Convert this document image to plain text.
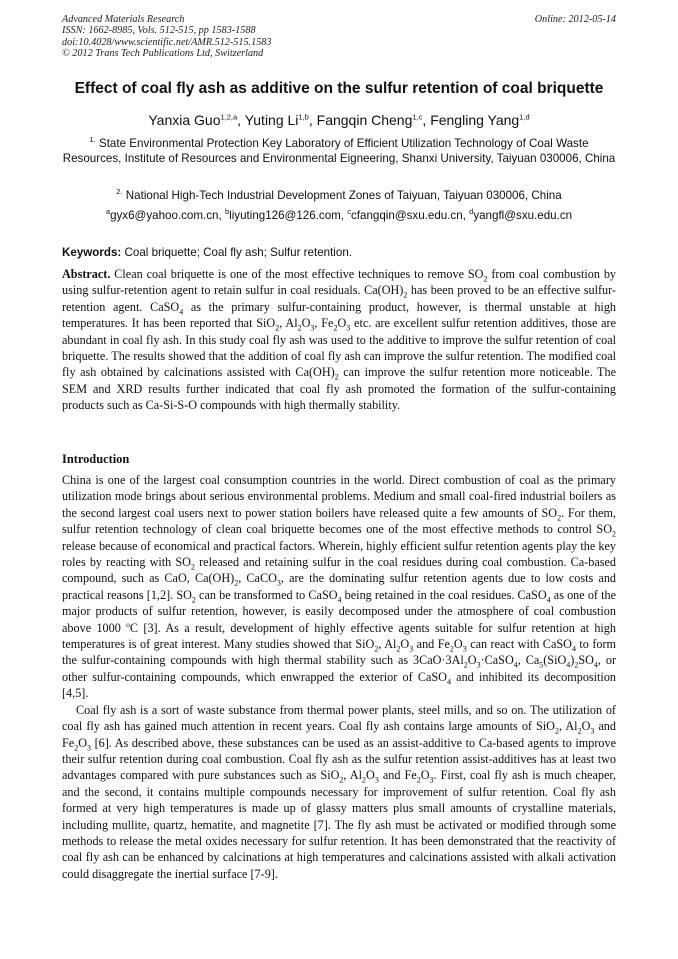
Advanced Materials Research
ISSN: 1662-8985, Vols. 512-515, pp 1583-1588
doi:10.4028/www.scientific.net/AMR.512-515.1583
© 2012 Trans Tech Publications Ltd, Switzerland
Online: 2012-05-14
Effect of coal fly ash as additive on the sulfur retention of coal briquette
Yanxia Guo$^{1,2,a}$, Yuting Li$^{1,b}$, Fangqin Cheng$^{1,c}$, Fengling Yang$^{1,d}$
$^{1.}$ State Environmental Protection Key Laboratory of Efficient Utilization Technology of Coal Waste Resources, Institute of Resources and Environmental Eigneering, Shanxi University, Taiyuan 030006, China
$^{2.}$ National High-Tech Industrial Development Zones of Taiyuan, Taiyuan 030006, China
$^a$gyx6@yahoo.com.cn, $^b$liyuting126@126.com, $^c$cfangqin@sxu.edu.cn, $^d$yangfl@sxu.edu.cn
Keywords: Coal briquette; Coal fly ash; Sulfur retention.
Abstract. Clean coal briquette is one of the most effective techniques to remove $SO_2$ from coal combustion by using sulfur-retention agent to retain sulfur in coal residuals. $Ca(OH)_2$ has been proved to be an effective sulfur-retention agent. CaSO$_4$ as the primary sulfur-containing product, however, is thermal unstable at high temperatures. It has been reported that SiO$_2$, $Al_2O_3$, $Fe_2O_3$ etc. are excellent sulfur retention additives, those are abundant in coal fly ash. In this study coal fly ash was used to the additive to improve the sulfur retention of coal briquette. The results showed that the addition of coal fly ash can improve the sulfur retention. The modified coal fly ash obtained by calcinations assisted with $Ca(OH)_2$ can improve the sulfur retention more noticeable. The SEM and XRD results further indicated that coal fly ash promoted the formation of the sulfur-containing products such as Ca-Si-S-O compounds with high thermally stability.
Introduction

China is one of the largest coal consumption countries in the world. Direct combustion of coal as the primary utilization mode brings about serious environmental problems. Medium and small coal-fired industrial boilers as the second largest coal users next to power station boilers have released quite a few amounts of $SO_2$. For them, sulfur retention technology of clean coal briquette becomes one of the most effective methods to control $SO_2$ release because of economical and practical factors. Wherein, highly efficient sulfur retention agents play the key roles by reacting with $SO_2$ released and retaining sulfur in the coal residues during coal combustion. Ca-based compound, such as CaO, $Ca(OH)_2$, CaCO$_3$, are the dominating sulfur retention agents due to low costs and practical reasons [1,2]. $SO_2$ can be transformed to CaSO$_4$ being retained in the coal residues. CaSO$_4$ as one of the major products of sulfur retention, however, is easily decomposed under the atmosphere of coal combustion above 1000 $^o$C [3]. As a result, development of highly effective agents suitable for sulfur retention at high temperatures is of great interest. Many studies showed that SiO$_2$, $Al_2O_3$ and $Fe_2O_3$ can react with CaSO$_4$ to form the sulfur-containing compounds with high thermal stability such as $3CaO\cdot 3Al_2O_3\cdot CaSO_4$, $Ca_5(SiO_4)_2SO_4$, or other sulfur-containing compounds, which enwrapped the exterior of CaSO$_4$ and inhibited its decomposition [4,5].

Coal fly ash is a sort of waste substance from thermal power plants, steel mills, and so on. The utilization of coal fly ash has gained much attention in recent years. Coal fly ash contains large amounts of SiO$_2$, $Al_2O_3$ and $Fe_2O_3$ [6]. As described above, these substances can be used as an assist-additive to Ca-based agents to improve their sulfur retention during coal combustion. Coal fly ash as the sulfur retention assist-additives has at least two advantages compared with pure substances such as SiO$_2$, $Al_2O_3$ and $Fe_2O_3$. First, coal fly ash is much cheaper, and the second, it contains multiple compounds necessary for improvement of sulfur retention. Coal fly ash formed at very high temperatures is made up of glassy matters plus small amounts of crystalline materials, including mullite, quartz, hematite, and magnetite [7]. The fly ash must be activated or modified through some methods to release the metal oxides necessary for sulfur retention. It has been demonstrated that the reactivity of coal fly ash can be enhanced by calcinations at high temperatures and calcinations assisted with alkali activation could disaggregate the inertial surface [7-9].
